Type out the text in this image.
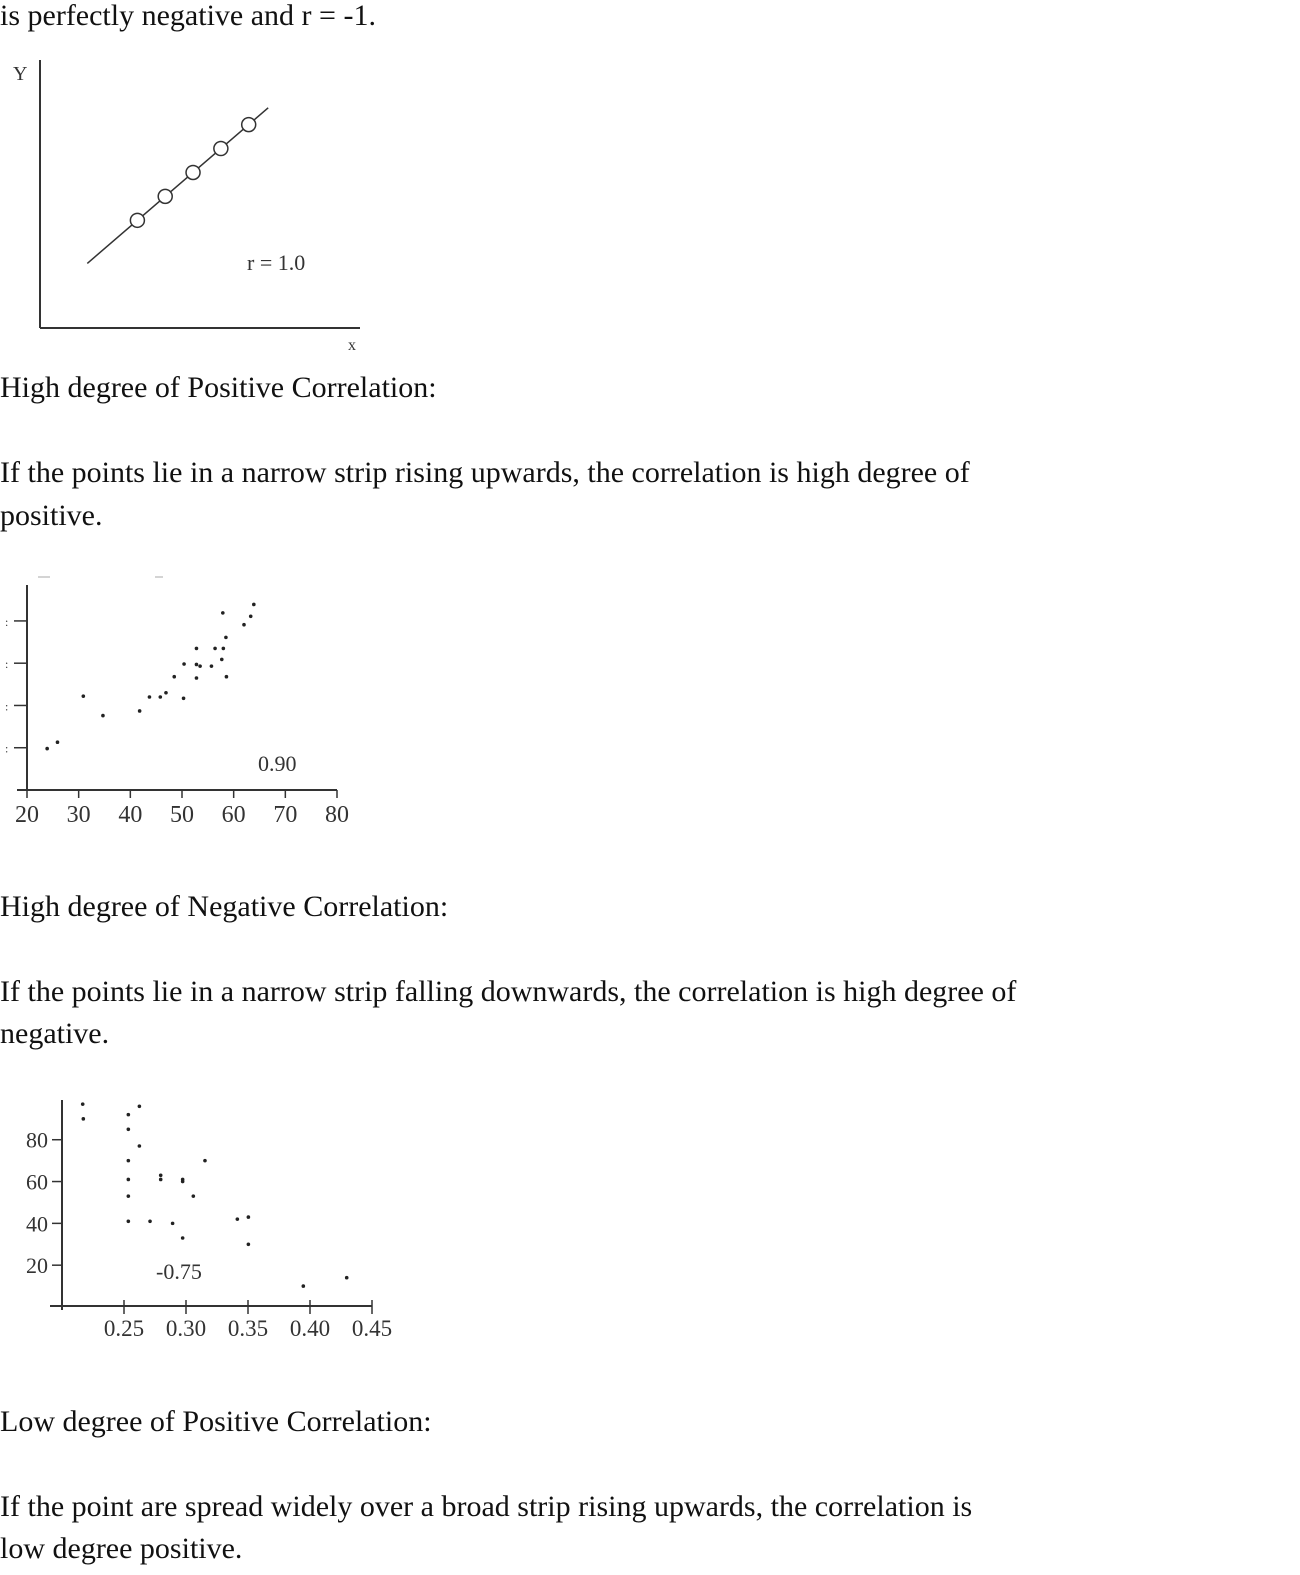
is perfectly negative and r = -1.

Y
x
r = 1.0
High degree of Positive Correlation:

If the points lie in a narrow strip rising upwards, the correlation is high degree of

positive.

:
:
:
:
20 30 40 50 60 70 80
0.90
High degree of Negative Correlation:

If the points lie in a narrow strip falling downwards, the correlation is high degree of

negative.

20
40
60
80
0.25 0.30 0.35 0.40 0.45
-0.75
Low degree of Positive Correlation:

If the point are spread widely over a broad strip rising upwards, the correlation is

low degree positive.
